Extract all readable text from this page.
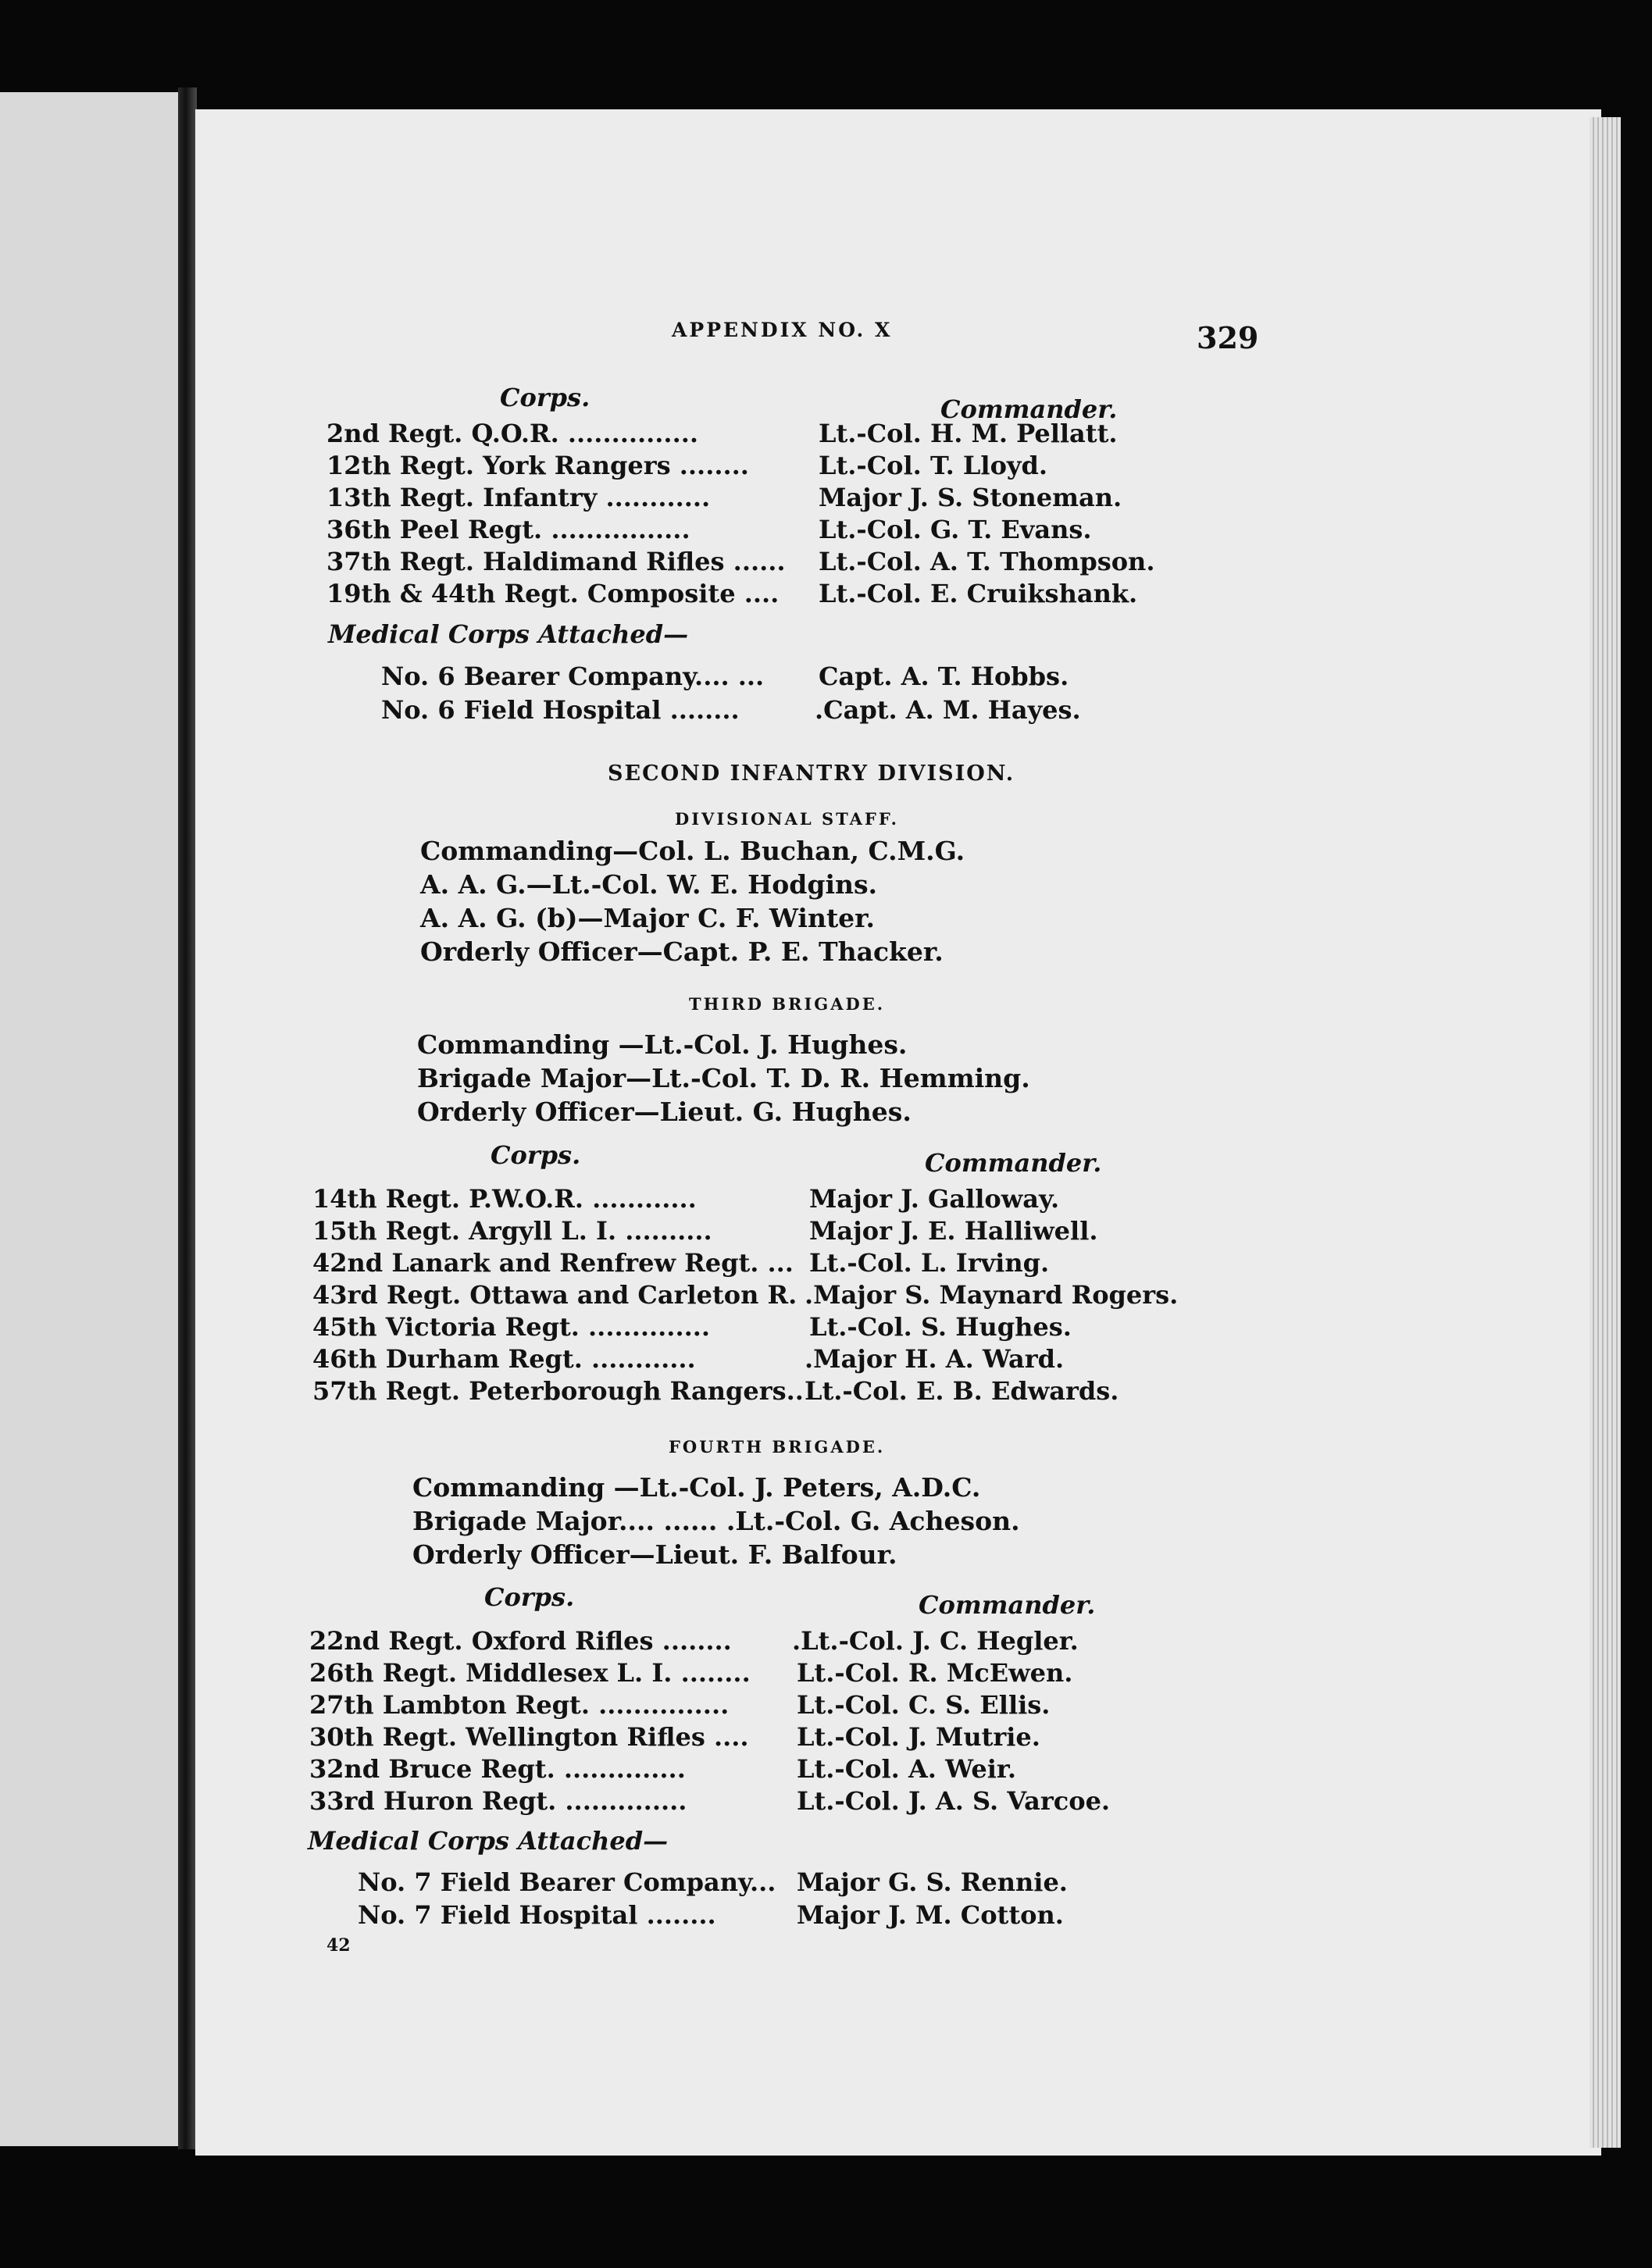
APPENDIX NO. X	329
Corps.	Commander.
2nd Regt. Q.O.R. ...............	Lt.-Col. H. M. Pellatt.
12th Regt. York Rangers ........	Lt.-Col. T. Lloyd.
13th Regt. Infantry ............	Major J. S. Stoneman.
36th Peel Regt. ................	Lt.-Col. G. T. Evans.
37th Regt. Haldimand Rifles ...... Lt.-Col. A. T. Thompson.
19th & 44th Regt. Composite .... Lt.-Col. E. Cruikshank.
Medical Corps Attached—
No. 6 Bearer Company.... ... Capt. A. T. Hobbs.
No. 6 Field Hospital ........	.Capt. A. M. Hayes.
SECOND INFANTRY DIVISION.
DIVISIONAL STAFF.
Commanding—Col. L. Buchan, C.M.G.
A. A. G.—Lt.-Col. W. E. Hodgins.
A. A. G. (b)—Major C. F. Winter.
Orderly Officer—Capt. P. E. Thacker.
THIRD BRIGADE.
Commanding —Lt.-Col. J. Hughes.
Brigade Major—Lt.-Col. T. D. R. Hemming.
Orderly Officer—Lieut. G. Hughes.
Corps.	Commander.
14th Regt. P.W.O.R. ............	Major J. Galloway.
15th Regt. Argyll L. I. ..........	Major J. E. Halliwell.
42nd Lanark and Renfrew Regt. ... Lt.-Col. L. Irving.
43rd Regt. Ottawa and Carleton R. .Major S. Maynard Rogers.
45th Victoria Regt. ..............	Lt.-Col. S. Hughes.
46th Durham Regt. ............	.Major H. A. Ward.
57th Regt. Peterborough Rangers.. Lt.-Col. E. B. Edwards.
FOURTH BRIGADE.
Commanding —Lt.-Col. J. Peters, A.D.C.
Brigade Major.... ...... .Lt.-Col. G. Acheson.
Orderly Officer—Lieut. F. Balfour.
Corps.	Commander.
22nd Regt. Oxford Rifles ........ .Lt.-Col. J. C. Hegler.
26th Regt. Middlesex L. I. ........ Lt.-Col. R. McEwen.
27th Lambton Regt. ...............	Lt.-Col. C. S. Ellis.
30th Regt. Wellington Rifles .... Lt.-Col. J. Mutrie.
32nd Bruce Regt. ..............	Lt.-Col. A. Weir.
33rd Huron Regt. ..............	Lt.-Col. J. A. S. Varcoe.
Medical Corps Attached—
No. 7 Field Bearer Company... Major G. S. Rennie.
No. 7 Field Hospital ........	Major J. M. Cotton.
42
